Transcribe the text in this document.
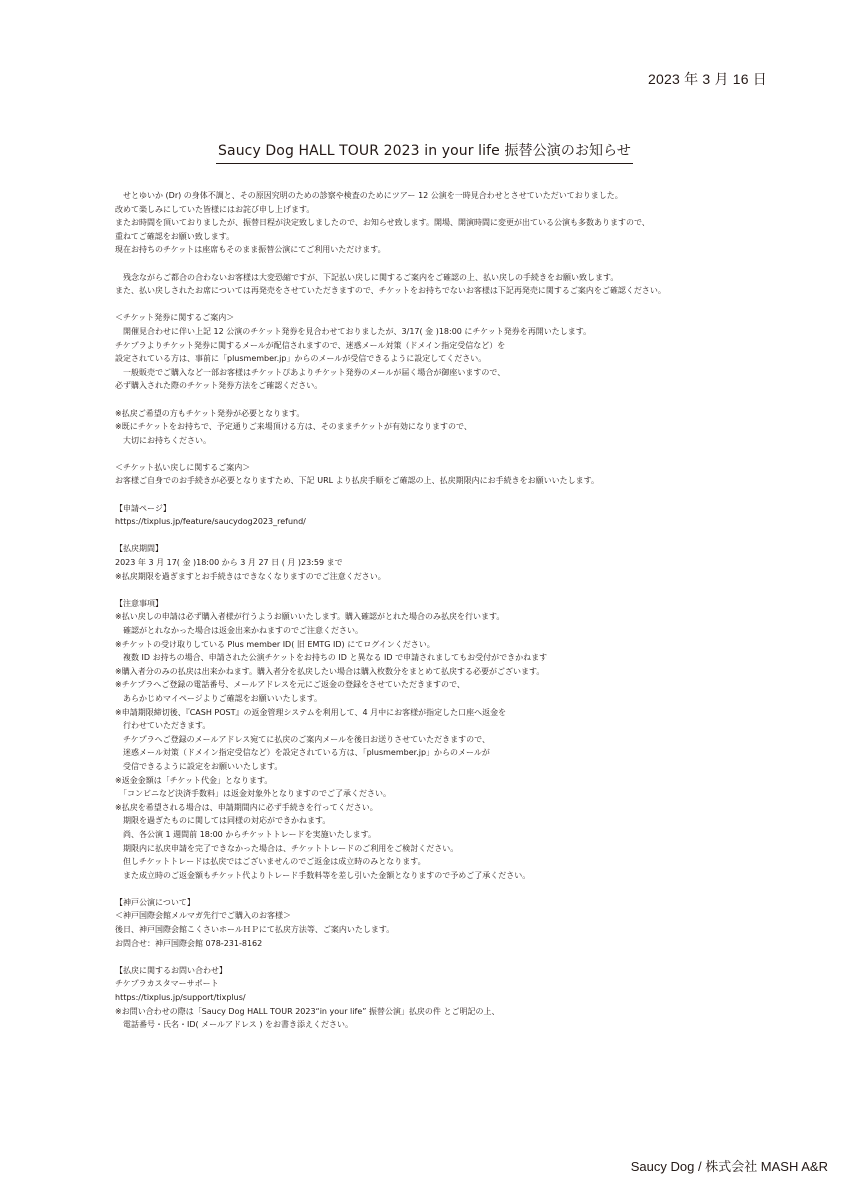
2023 年 3 月 16 日
Saucy Dog HALL TOUR 2023 in your life 振替公演のお知らせ
　せとゆいか (Dr) の身体不調と、その原因究明のための診察や検査のためにツアー 12 公演を一時見合わせとさせていただいておりました。
改めて楽しみにしていた皆様にはお詫び申し上げます。
またお時間を頂いておりましたが、振替日程が決定致しましたので、お知らせ致します。開場、開演時間に変更が出ている公演も多数ありますので、
重ねてご確認をお願い致します。
現在お持ちのチケットは座席もそのまま振替公演にてご利用いただけます。
　残念ながらご都合の合わないお客様は大変恐縮ですが、下記払い戻しに関するご案内をご確認の上、払い戻しの手続きをお願い致します。
また、払い戻しされたお席については再発売をさせていただきますので、チケットをお持ちでないお客様は下記再発売に関するご案内をご確認ください。
＜チケット発券に関するご案内＞
　開催見合わせに伴い上記 12 公演のチケット発券を見合わせておりましたが、3/17( 金 )18:00 にチケット発券を再開いたします。
チケプラよりチケット発券に関するメールが配信されますので、迷惑メール対策（ドメイン指定受信など）を
設定されている方は、事前に「plusmember.jp」からのメールが受信できるように設定してください。
　一般販売でご購入など一部お客様はチケットぴあよりチケット発券のメールが届く場合が御座いますので、
必ず購入された際のチケット発券方法をご確認ください。
※払戻ご希望の方もチケット発券が必要となります。
※既にチケットをお持ちで、予定通りご来場頂ける方は、そのままチケットが有効になりますので、
　大切にお持ちください。
＜チケット払い戻しに関するご案内＞
お客様ご自身でのお手続きが必要となりますため、下記 URL より払戻手順をご確認の上、払戻期限内にお手続きをお願いいたします。
【申請ページ】
https://tixplus.jp/feature/saucydog2023_refund/
【払戻期間】
2023 年 3 月 17( 金 )18:00 から 3 月 27 日 ( 月 )23:59 まで
※払戻期限を過ぎますとお手続きはできなくなりますのでご注意ください。
【注意事項】
※払い戻しの申請は必ず購入者様が行うようお願いいたします。購入確認がとれた場合のみ払戻を行います。
　確認がとれなかった場合は返金出来かねますのでご注意ください。
※チケットの受け取りしている Plus member ID( 旧 EMTG ID) にてログインください。
　複数 ID お持ちの場合、申請された公演チケットをお持ちの ID と異なる ID で申請されましてもお受付ができかねます
※購入者分のみの払戻は出来かねます。購入者分を払戻したい場合は購入枚数分をまとめて払戻する必要がございます。
※チケプラへご登録の電話番号、メールアドレスを元にご返金の登録をさせていただきますので、
　あらかじめマイページよりご確認をお願いいたします。
※申請期限締切後、『CASH POST』の返金管理システムを利用して、4 月中にお客様が指定した口座へ返金を
　行わせていただきます。
　チケプラへご登録のメールアドレス宛てに払戻のご案内メールを後日お送りさせていただきますので、
　迷惑メール対策（ドメイン指定受信など）を設定されている方は、「plusmember.jp」からのメールが
　受信できるように設定をお願いいたします。
※返金金額は「チケット代金」となります。
　「コンビニなど決済手数料」は返金対象外となりますのでご了承ください。
※払戻を希望される場合は、申請期間内に必ず手続きを行ってください。
　期限を過ぎたものに関しては同様の対応ができかねます。
　尚、各公演 1 週間前 18:00 からチケットトレードを実施いたします。
　期限内に払戻申請を完了できなかった場合は、チケットトレードのご利用をご検討ください。
　但しチケットトレードは払戻ではございませんのでご返金は成立時のみとなります。
　また成立時のご返金額もチケット代よりトレード手数料等を差し引いた金額となりますので予めご了承ください。
【神戸公演について】
＜神戸国際会館メルマガ先行でご購入のお客様＞
後日、神戸国際会館こくさいホールＨＰにて払戻方法等、ご案内いたします。
お問合せ：神戸国際会館 078-231-8162
【払戻に関するお問い合わせ】
チケプラカスタマーサポート
https://tixplus.jp/support/tixplus/
※お問い合わせの際は「Saucy Dog HALL TOUR 2023“in your life” 振替公演」払戻の件 とご明記の上、
　電話番号・氏名・ID( メールアドレス ) をお書き添えください。
Saucy Dog / 株式会社 MASH A&R
